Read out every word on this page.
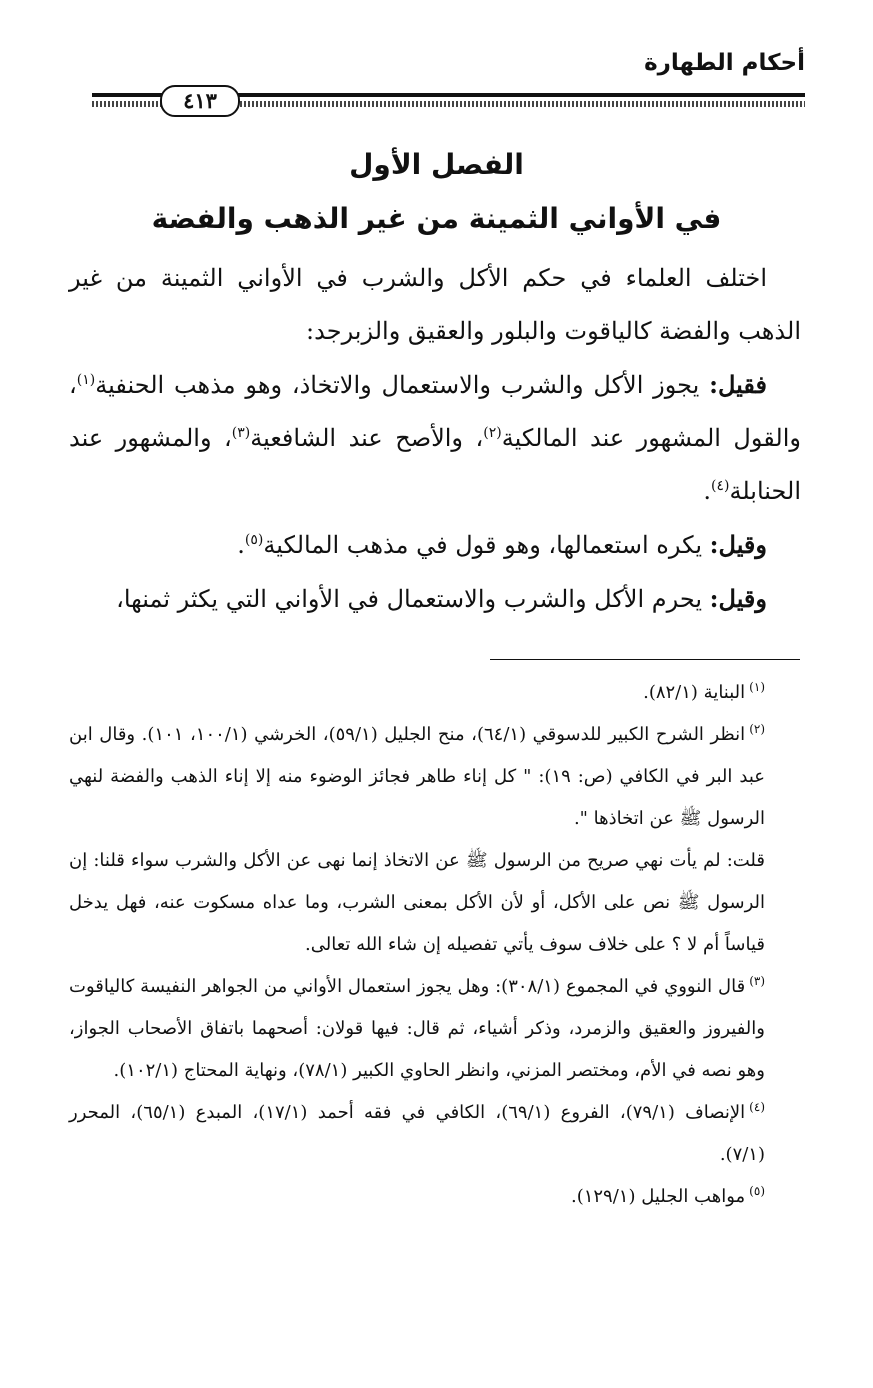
أحكام الطهارة
٤١٣
الفصل الأول
في الأواني الثمينة من غير الذهب والفضة

اختلف العلماء في حكم الأكل والشرب في الأواني الثمينة من غير الذهب والفضة كالياقوت والبلور والعقيق والزبرجد:

فقيل: يجوز الأكل والشرب والاستعمال والاتخاذ، وهو مذهب الحنفية$^{(١)}$، والقول المشهور عند المالكية$^{(٢)}$، والأصح عند الشافعية$^{(٣)}$، والمشهور عند الحنابلة$^{(٤)}$.

وقيل: يكره استعمالها، وهو قول في مذهب المالكية$^{(٥)}$.

وقيل: يحرم الأكل والشرب والاستعمال في الأواني التي يكثر ثمنها،

$^{(١)}$البناية (٨٢/١).

$^{(٢)}$انظر الشرح الكبير للدسوقي (٦٤/١)، منح الجليل (٥٩/١)، الخرشي (١٠٠/١، ١٠١). وقال ابن عبد البر في الكافي (ص: ١٩): " كل إناء طاهر فجائز الوضوء منه إلا إناء الذهب والفضة لنهي الرسول ﷺ عن اتخاذها ".

قلت: لم يأت نهي صريح من الرسول ﷺ عن الاتخاذ إنما نهى عن الأكل والشرب سواء قلنا: إن الرسول ﷺ نص على الأكل، أو لأن الأكل بمعنى الشرب، وما عداه مسكوت عنه، فهل يدخل قياساً أم لا ؟ على خلاف سوف يأتي تفصيله إن شاء الله تعالى.

$^{(٣)}$قال النووي في المجموع (٣٠٨/١): وهل يجوز استعمال الأواني من الجواهر النفيسة كالياقوت والفيروز والعقيق والزمرد، وذكر أشياء، ثم قال: فيها قولان: أصحهما باتفاق الأصحاب الجواز، وهو نصه في الأم، ومختصر المزني، وانظر الحاوي الكبير (٧٨/١)، ونهاية المحتاج (١٠٢/١).

$^{(٤)}$الإنصاف (٧٩/١)، الفروع (٦٩/١)، الكافي في فقه أحمد (١٧/١)، المبدع (٦٥/١)، المحرر (٧/١).

$^{(٥)}$مواهب الجليل (١٢٩/١).
